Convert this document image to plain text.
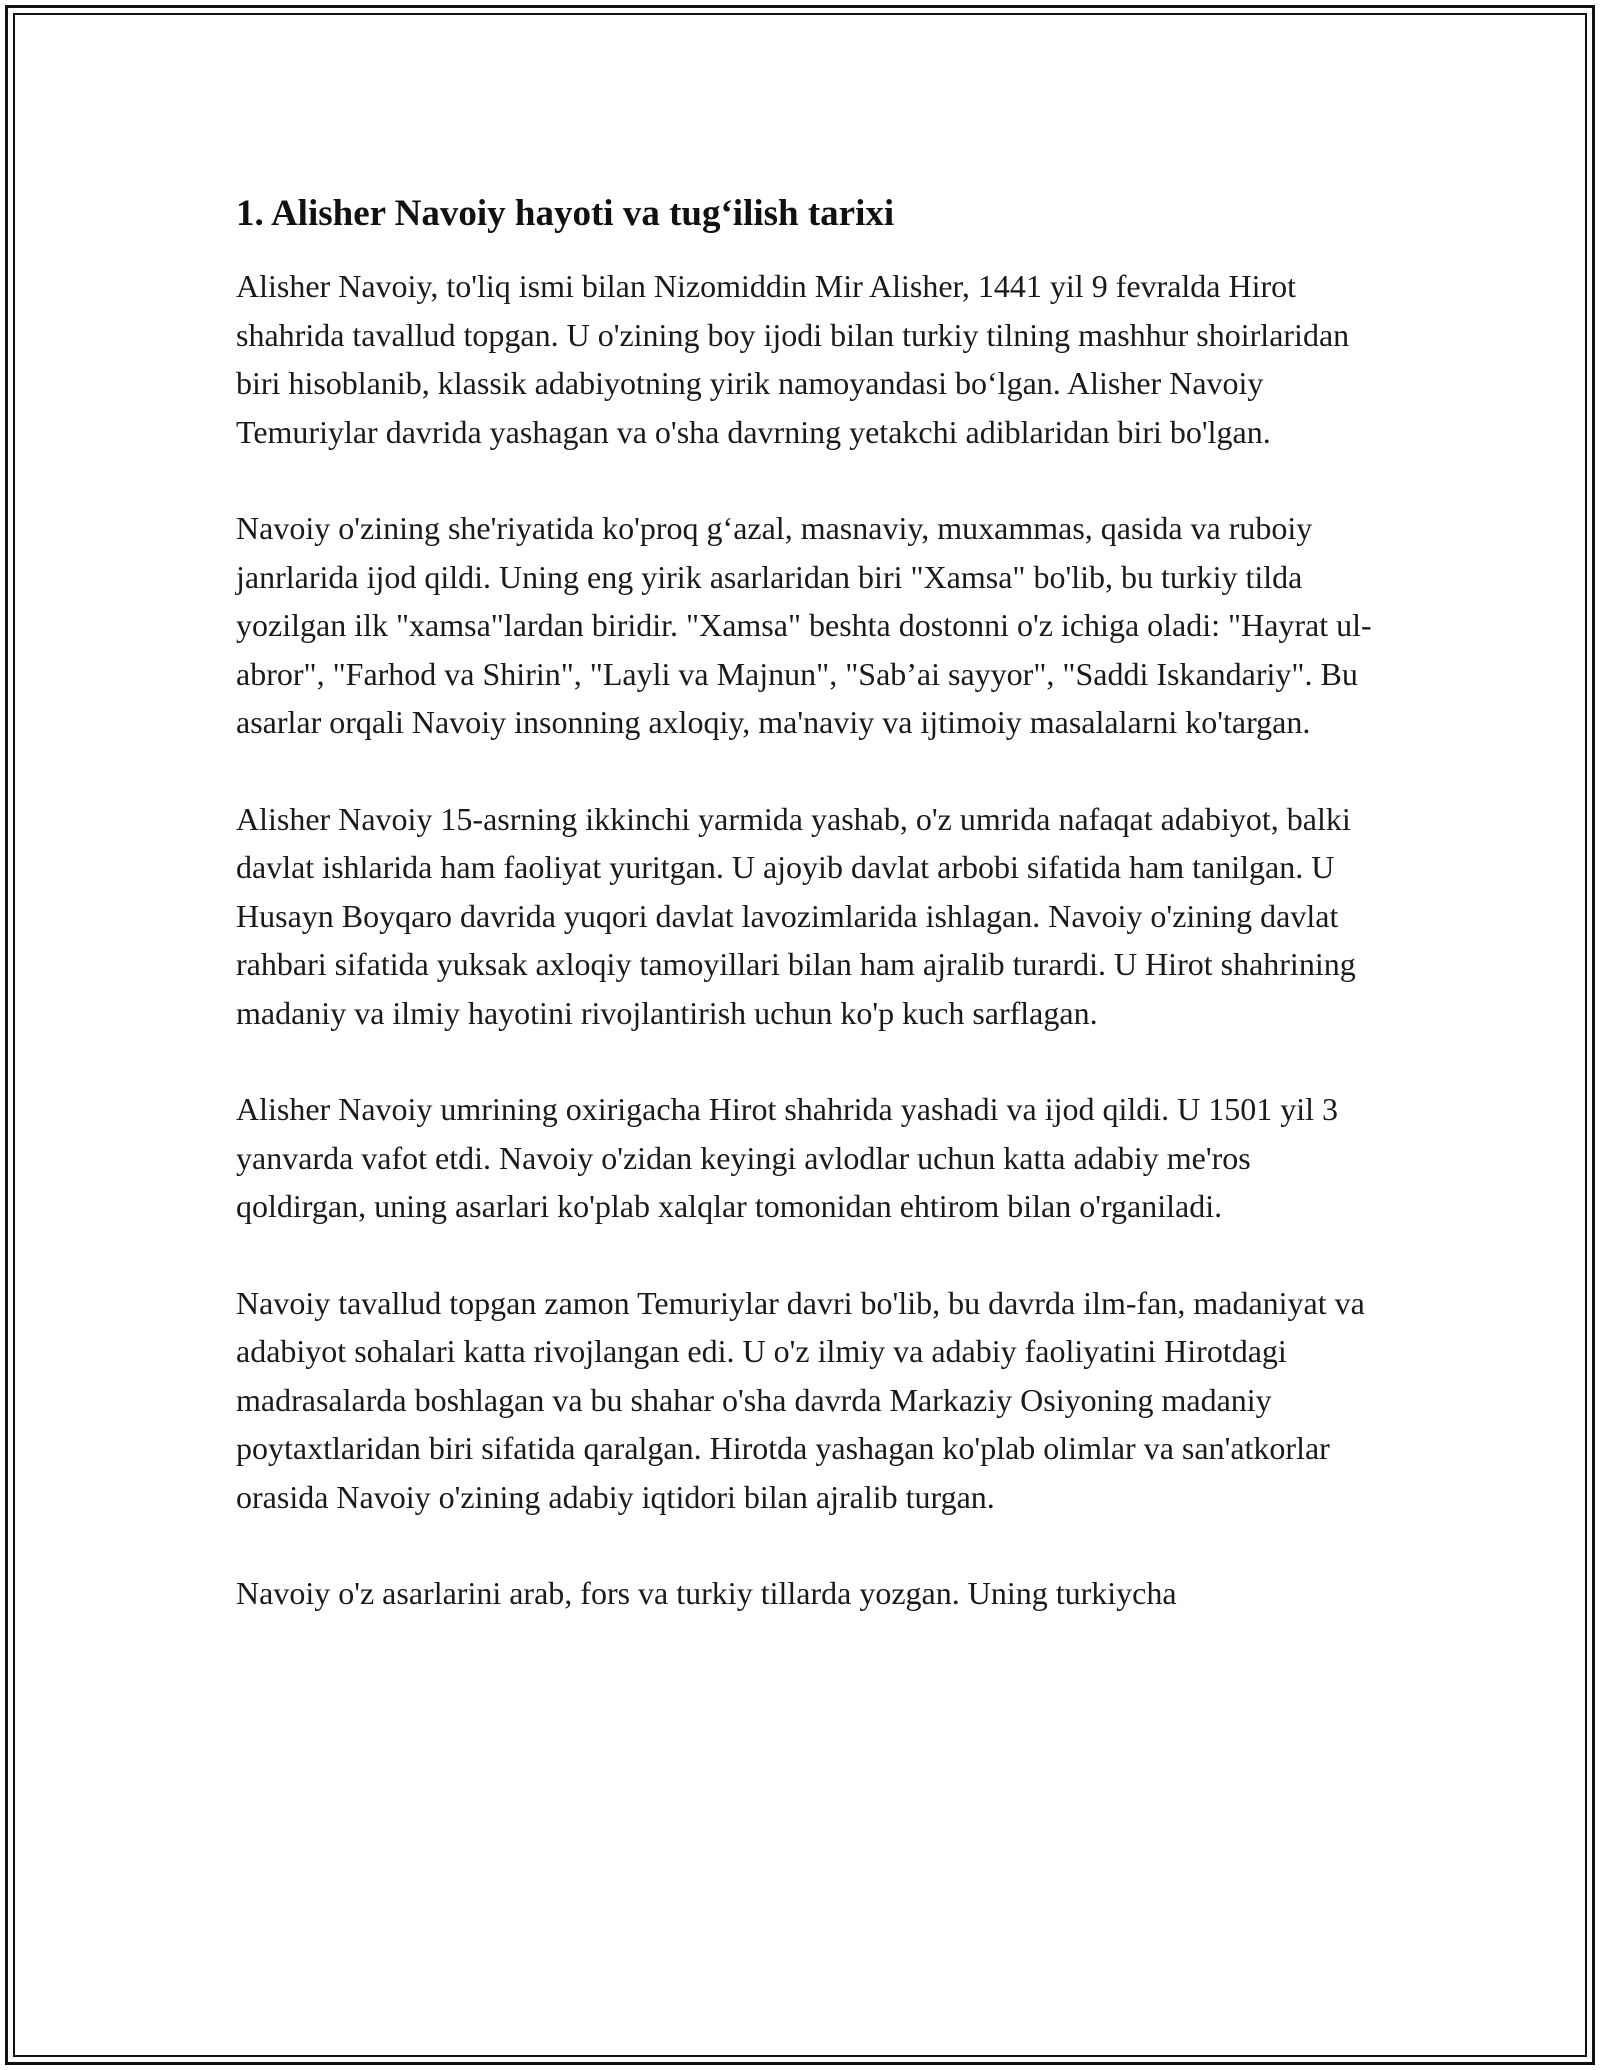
1. Alisher Navoiy hayoti va tug‘ilish tarixi

Alisher Navoiy, to'liq ismi bilan Nizomiddin Mir Alisher, 1441 yil 9 fevralda Hirot shahrida tavallud topgan. U o'zining boy ijodi bilan turkiy tilning mashhur shoirlaridan biri hisoblanib, klassik adabiyotning yirik namoyandasi bo‘lgan. Alisher Navoiy Temuriylar davrida yashagan va o'sha davrning yetakchi adiblaridan biri bo'lgan.

Navoiy o'zining she'riyatida ko'proq g‘azal, masnaviy, muxammas, qasida va ruboiy janrlarida ijod qildi. Uning eng yirik asarlaridan biri "Xamsa" bo'lib, bu turkiy tilda yozilgan ilk "xamsa"lardan biridir. "Xamsa" beshta dostonni o'z ichiga oladi: "Hayrat ul-abror", "Farhod va Shirin", "Layli va Majnun", "Sab’ai sayyor", "Saddi Iskandariy". Bu asarlar orqali Navoiy insonning axloqiy, ma'naviy va ijtimoiy masalalarni ko'targan.

Alisher Navoiy 15-asrning ikkinchi yarmida yashab, o'z umrida nafaqat adabiyot, balki davlat ishlarida ham faoliyat yuritgan. U ajoyib davlat arbobi sifatida ham tanilgan. U Husayn Boyqaro davrida yuqori davlat lavozimlarida ishlagan. Navoiy o'zining davlat rahbari sifatida yuksak axloqiy tamoyillari bilan ham ajralib turardi. U Hirot shahrining madaniy va ilmiy hayotini rivojlantirish uchun ko'p kuch sarflagan.

Alisher Navoiy umrining oxirigacha Hirot shahrida yashadi va ijod qildi. U 1501 yil 3 yanvarda vafot etdi. Navoiy o'zidan keyingi avlodlar uchun katta adabiy me'ros qoldirgan, uning asarlari ko'plab xalqlar tomonidan ehtirom bilan o'rganiladi.

Navoiy tavallud topgan zamon Temuriylar davri bo'lib, bu davrda ilm-fan, madaniyat va adabiyot sohalari katta rivojlangan edi. U o'z ilmiy va adabiy faoliyatini Hirotdagi madrasalarda boshlagan va bu shahar o'sha davrda Markaziy Osiyoning madaniy poytaxtlaridan biri sifatida qaralgan. Hirotda yashagan ko'plab olimlar va san'atkorlar orasida Navoiy o'zining adabiy iqtidori bilan ajralib turgan.

Navoiy o'z asarlarini arab, fors va turkiy tillarda yozgan. Uning turkiycha
